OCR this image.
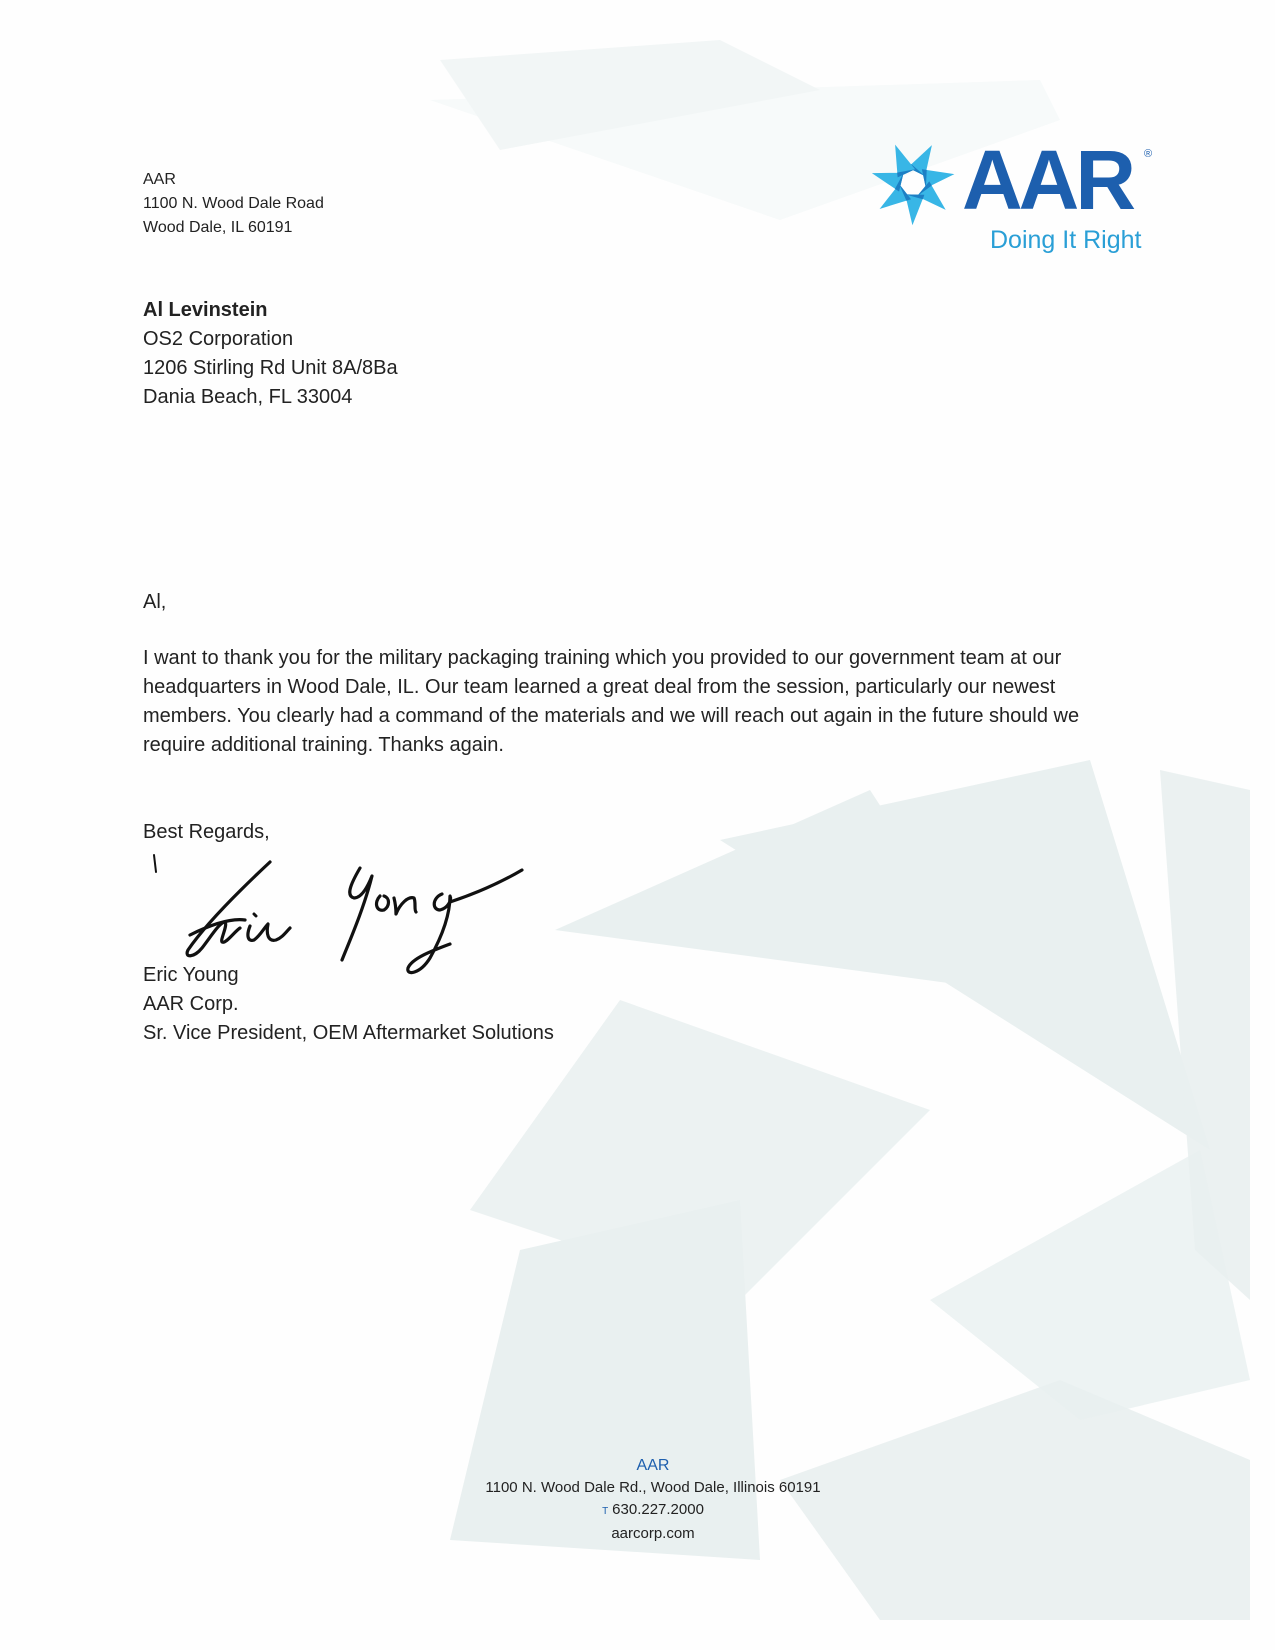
AAR
1100 N. Wood Dale Road
Wood Dale, IL 60191
AAR ®
Doing It Right
Al Levinstein
OS2 Corporation
1206 Stirling Rd Unit 8A/8Ba
Dania Beach, FL 33004
Al,
I want to thank you for the military packaging training which you provided to our government team at our headquarters in Wood Dale, IL. Our team learned a great deal from the session, particularly our newest members. You clearly had a command of the materials and we will reach out again in the future should we require additional training. Thanks again.
Best Regards,
Eric Young
AAR Corp.
Sr. Vice President, OEM Aftermarket Solutions
AAR
1100 N. Wood Dale Rd., Wood Dale, Illinois 60191
T 630.227.2000
aarcorp.com
